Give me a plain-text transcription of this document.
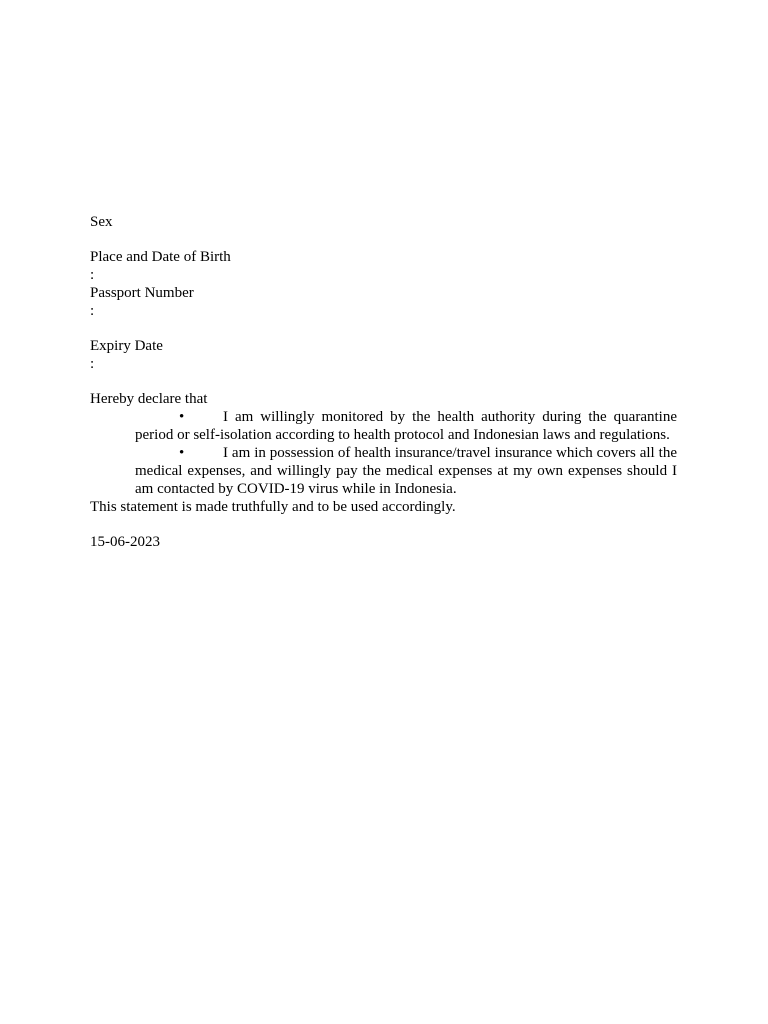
Sex
Place and Date of Birth
:
Passport Number
:
Expiry Date
:
Hereby declare that
•	I am willingly monitored by the health authority during the quarantine period or self-isolation according to health protocol and Indonesian laws and regulations.
•	I am in possession of health insurance/travel insurance which covers all the medical expenses, and willingly pay the medical expenses at my own expenses should I am contacted by COVID-19 virus while in Indonesia.
This statement is made truthfully and to be used accordingly.
15-06-2023
